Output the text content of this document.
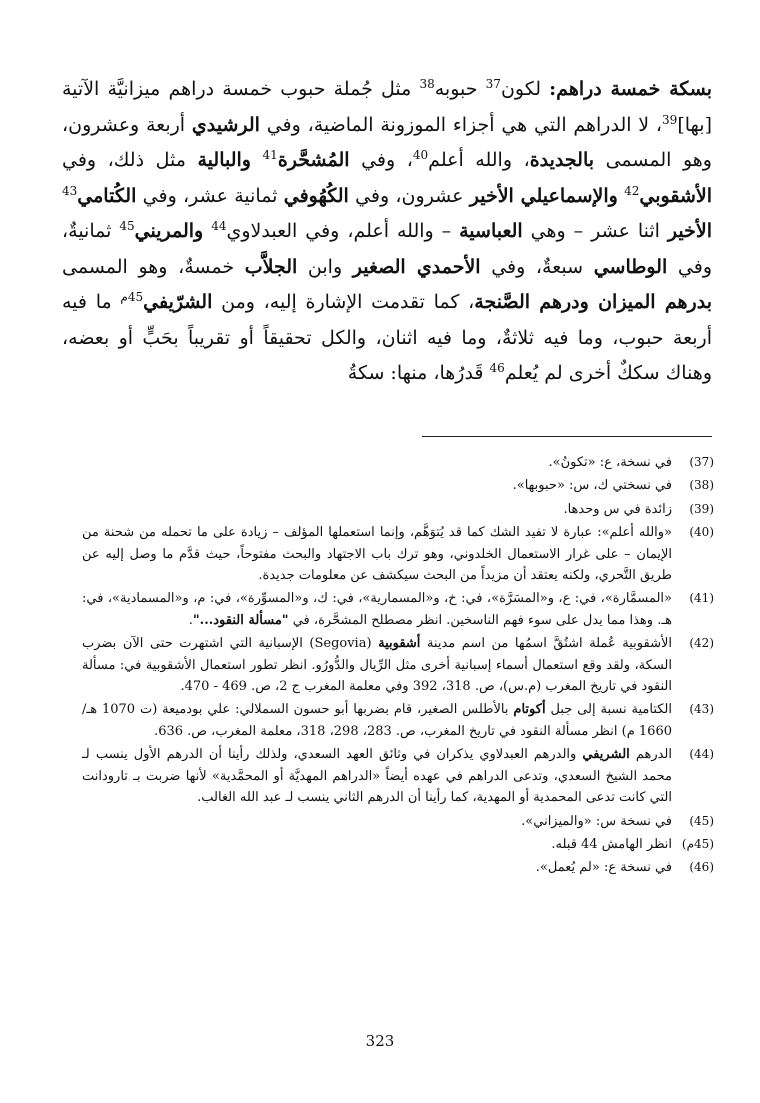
بسكة خمسة دراهم: لكون$^{37}$ حبوبه$^{38}$ مثل جُملة حبوب خمسة دراهم ميزانيَّة الآتية [بها]$^{39}$، لا الدراهم التي هي أجزاء الموزونة الماضية، وفي الرشيدي أربعة وعشرون، وهو المسمى بالجديدة، والله أعلم$^{40}$، وفي المُشحَّرة$^{41}$ والبالية مثل ذلك، وفي الأشقوبي$^{42}$ والإسماعيلي الأخير عشرون، وفي الكُهُوفي ثمانية عشر، وفي الكُتامي$^{43}$ الأخير اثنا عشر – وهي العباسية – والله أعلم، وفي العبدلاوي$^{44}$ والمريني$^{45}$ ثمانيةٌ، وفي الوطاسي سبعةٌ، وفي الأحمدي الصغير وابن الجلاَّب خمسةٌ، وهو المسمى بدرهم الميزان ودرهم الصَّنجة، كما تقدمت الإشارة إليه، ومن الشرّيفي$^{45م}$ ما فيه أربعة حبوب، وما فيه ثلاثةٌ، وما فيه اثنان، والكل تحقيقاً أو تقريباً بحَبٍّ أو بعضه، وهناك سككٌ أخرى لم يُعلم$^{46}$ قَدرُها، منها: سكةُ

(37)
في نسخة، ع: «تكونُ».
(38)
في نسختي ك، س: «حبوبها».
(39)
زائدة في س وحدها.
(40)
«والله أعلم»: عبارة لا تفيد الشك كما قد يُتوَهَّم، وإنما استعملها المؤلف – زيادة على ما تحمله من شحنة من الإيمان – على غرار الاستعمال الخلدوني، وهو ترك باب الاجتهاد والبحث مفتوحاً، حيث قدَّم ما وصل إليه عن طريق التَّحري، ولكنه يعتقد أن مزيداً من البحث سيكشف عن معلومات جديدة.
(41)
«المسمَّارة»، في: ع، و«المسَرَّة»، في: خ، و«المسمارية»، في: ك، و«المسوِّرة»، في: م، و«المسمادية»، في: هـ. وهذا مما يدل على سوء فهم الناسخين. انظر مصطلح المشحَّرة، في "مسألة النقود...".
(42)
الأشقوبية عُملة اشتُقَّ اسمُها من اسم مدينة أشقوبية (Segovia) الإسبانية التي اشتهرت حتى الآن بضرب السكة، ولقد وقع استعمال أسماء إسبانية أخرى مثل الرِّيال والدُّورُو. انظر تطور استعمال الأشقوبية في: مسألة النقود في تاريخ المغرب (م.س)، ص. 318، 392 وفي معلمة المغرب ج 2، ص. 469 - 470.
(43)
الكتامية نسبة إلى جبل أكوتام بالأطلس الصغير، قام بضربها أبو حسون السملالي: علي بودميعة (ت 1070 هـ/ 1660 م) انظر مسألة النقود في تاريخ المغرب، ص. 283، 298، 318، معلمة المغرب، ص. 636.
(44)
الدرهم الشريفي والدرهم العبدلاوي يذكران في وثائق العهد السعدي، ولذلك رأينا أن الدرهم الأول ينسب لـ محمد الشيخ السعدي، وتدعى الدراهم في عهده أيضاً «الدراهم المهديَّة أو المحمَّدية» لأنها ضربت بـ تارودانت التي كانت تدعى المحمدية أو المهدية، كما رأينا أن الدرهم الثاني ينسب لـ عبد الله الغالب.
(45)
في نسخة س: «والميزاني».
(45م)
انظر الهامش 44 قبله.
(46)
في نسخة ع: «لم يُعمل».
323
